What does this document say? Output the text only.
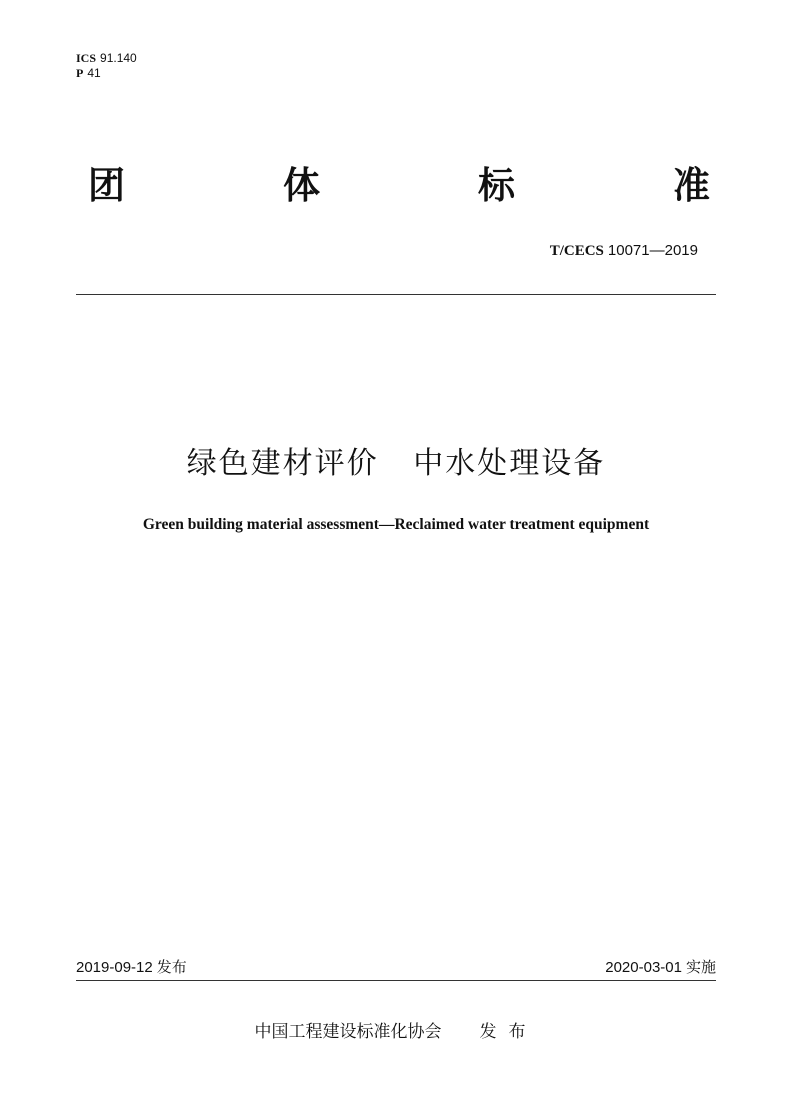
ICS 91.140
P 41
团	体	标	准
T/CECS 10071—2019
绿色建材评价   中水处理设备
Green building material assessment—Reclaimed water treatment equipment
2019-09-12 发布	2020-03-01 实施
中国工程建设标准化协会 发布
